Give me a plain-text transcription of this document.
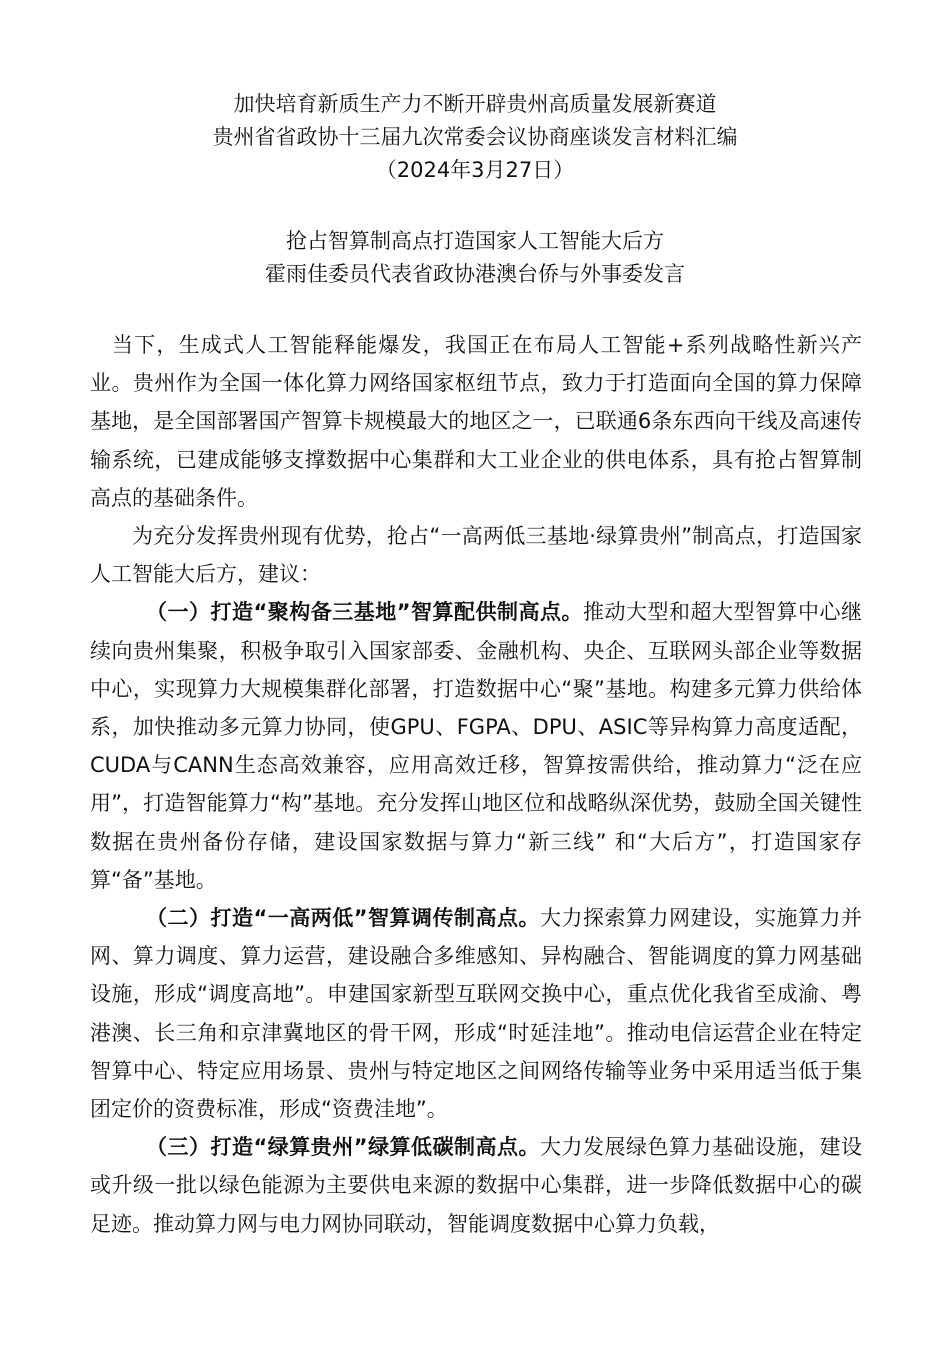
加快培育新质生产力不断开辟贵州高质量发展新赛道
贵州省省政协十三届九次常委会议协商座谈发言材料汇编
（2024年3月27日）
抢占智算制高点打造国家人工智能大后方
霍雨佳委员代表省政协港澳台侨与外事委发言

当下，生成式人工智能释能爆发，我国正在布局人工智能+系列战略性新兴产业。贵州作为全国一体化算力网络国家枢纽节点，致力于打造面向全国的算力保障基地，是全国部署国产智算卡规模最大的地区之一，已联通6条东西向干线及高速传输系统，已建成能够支撑数据中心集群和大工业企业的供电体系，具有抢占智算制高点的基础条件。

为充分发挥贵州现有优势，抢占“一高两低三基地·绿算贵州”制高点，打造国家人工智能大后方，建议：

（一）打造“聚构备三基地”智算配供制高点。推动大型和超大型智算中心继续向贵州集聚，积极争取引入国家部委、金融机构、央企、互联网头部企业等数据中心，实现算力大规模集群化部署，打造数据中心“聚”基地。构建多元算力供给体系，加快推动多元算力协同，使GPU、FGPA、DPU、ASIC等异构算力高度适配，CUDA与CANN生态高效兼容，应用高效迁移，智算按需供给，推动算力“泛在应用”，打造智能算力“构”基地。充分发挥山地区位和战略纵深优势，鼓励全国关键性数据在贵州备份存储，建设国家数据与算力“新三线” 和“大后方”，打造国家存算“备”基地。

（二）打造“一高两低”智算调传制高点。大力探索算力网建设，实施算力并网、算力调度、算力运营，建设融合多维感知、异构融合、智能调度的算力网基础设施，形成“调度高地”。申建国家新型互联网交换中心，重点优化我省至成渝、粤港澳、长三角和京津冀地区的骨干网，形成“时延洼地”。推动电信运营企业在特定智算中心、特定应用场景、贵州与特定地区之间网络传输等业务中采用适当低于集团定价的资费标准，形成“资费洼地”。

（三）打造“绿算贵州”绿算低碳制高点。大力发展绿色算力基础设施，建设或升级一批以绿色能源为主要供电来源的数据中心集群，进一步降低数据中心的碳足迹。推动算力网与电力网协同联动，智能调度数据中心算力负载，
